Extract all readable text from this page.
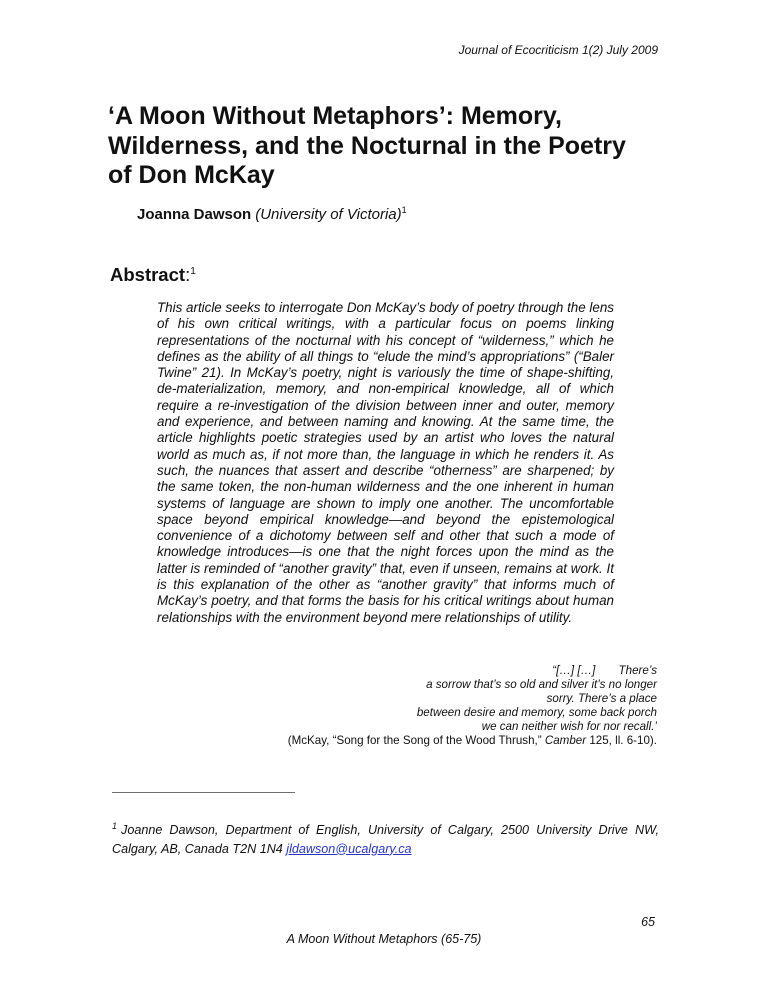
Journal of Ecocriticism 1(2) July 2009
‘A Moon Without Metaphors’: Memory,
Wilderness, and the Nocturnal in the Poetry
of Don McKay
Joanna Dawson (University of Victoria)$^1$
Abstract:$^1$
This article seeks to interrogate Don McKay’s body of poetry through the lens of his own critical writings, with a particular focus on poems linking representations of the nocturnal with his concept of “wilderness,” which he defines as the ability of all things to “elude the mind’s appropriations” (“Baler Twine” 21). In McKay’s poetry, night is variously the time of shape-shifting, de-materialization, memory, and non-empirical knowledge, all of which require a re-investigation of the division between inner and outer, memory and experience, and between naming and knowing. At the same time, the article highlights poetic strategies used by an artist who loves the natural world as much as, if not more than, the language in which he renders it. As such, the nuances that assert and describe “otherness” are sharpened; by the same token, the non-human wilderness and the one inherent in human systems of language are shown to imply one another. The uncomfortable space beyond empirical knowledge—and beyond the epistemological convenience of a dichotomy between self and other that such a mode of knowledge introduces—is one that the night forces upon the mind as the latter is reminded of “another gravity” that, even if unseen, remains at work. It is this explanation of the other as “another gravity” that informs much of McKay’s poetry, and that forms the basis for his critical writings about human relationships with the environment beyond mere relationships of utility.
“[…] […]  There’s
a sorrow that’s so old and silver it’s no longer
sorry. There’s a place
between desire and memory, some back porch
we can neither wish for nor recall.’
(McKay, “Song for the Song of the Wood Thrush,” Camber 125, ll. 6-10).
$^1$ Joanne Dawson, Department of English, University of Calgary, 2500 University Drive NW, Calgary, AB, Canada T2N 1N4 jldawson@ucalgary.ca
65
A Moon Without Metaphors (65-75)
